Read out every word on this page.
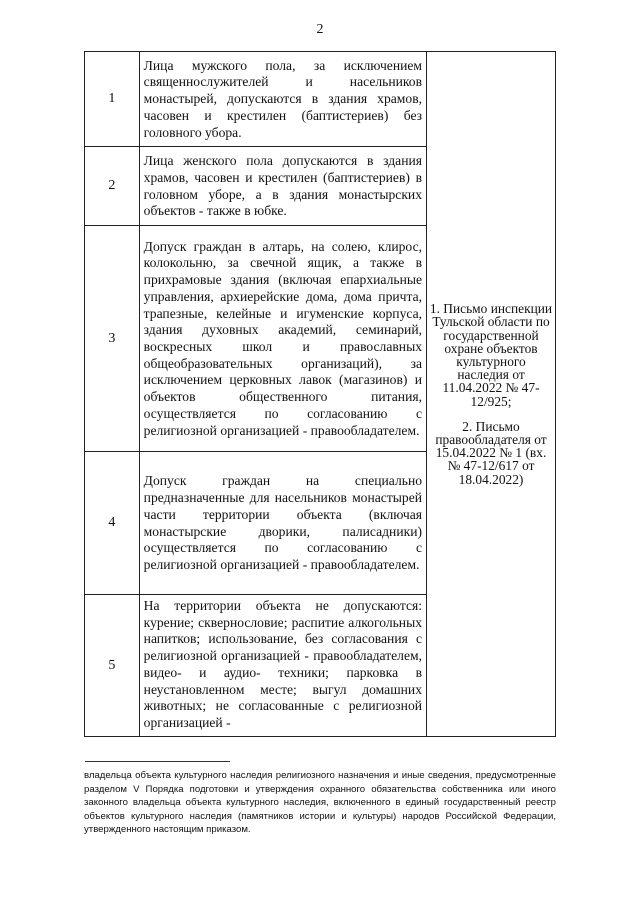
2
1	Лица мужского пола, за исключением священнослужителей и насельников монастырей, допускаются в здания храмов, часовен и крестилен (баптистериев) без головного убора.	1. Письмо инспекции Тульской области по государственной охране объектов культурного наследия от 11.04.2022 № 47-12/925;

2. Письмо правообладателя от 15.04.2022 № 1 (вх. № 47-12/617 от 18.04.2022)

2	Лица женского пола допускаются в здания храмов, часовен и крестилен (баптистериев) в головном уборе, а в здания монастырских объектов - также в юбке.	

3	Допуск граждан в алтарь, на солею, клирос, колокольню, за свечной ящик, а также в прихрамовые здания (включая епархиальные управления, архиерейские дома, дома причта, трапезные, келейные и игуменские корпуса, здания духовных академий, семинарий, воскресных школ и православных общеобразовательных организаций), за исключением церковных лавок (магазинов) и объектов общественного питания, осуществляется по согласованию с религиозной организацией - правообладателем.	

4	Допуск граждан на специально предназначенные для насельников монастырей части территории объекта (включая монастырские дворики, палисадники) осуществляется по согласованию с религиозной организацией - правообладателем.	

5	На территории объекта не допускаются: курение; сквернословие; распитие алкогольных напитков; использование, без согласования с религиозной организацией - правообладателем, видео- и аудио- техники; парковка в неустановленном месте; выгул домашних животных; не согласованные с религиозной организацией -	

владельца объекта культурного наследия религиозного назначения и иные сведения, предусмотренные разделом V Порядка подготовки и утверждения охранного обязательства собственника или иного законного владельца объекта культурного наследия, включенного в единый государственный реестр объектов культурного наследия (памятников истории и культуры) народов Российской Федерации, утвержденного настоящим приказом.
